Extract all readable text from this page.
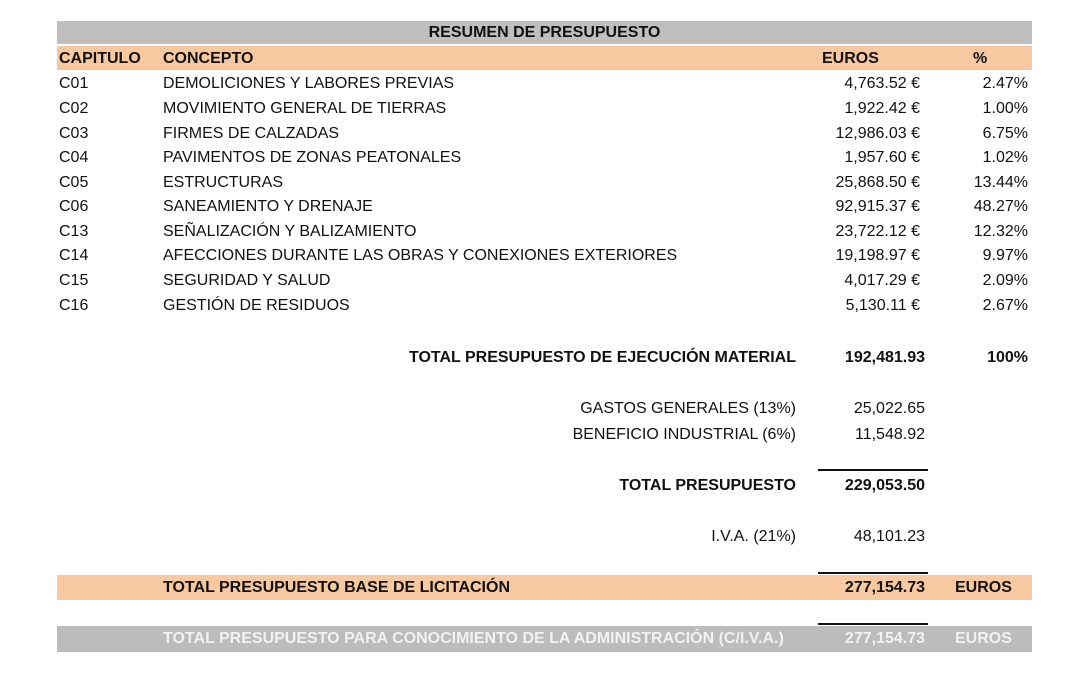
RESUMEN DE PRESUPUESTO
CAPITULO CONCEPTO	EUROS	%
C01	DEMOLICIONES Y LABORES PREVIAS	4,763.52 €	2.47%
C02	MOVIMIENTO GENERAL DE TIERRAS	1,922.42 €	1.00%
C03	FIRMES DE CALZADAS	12,986.03 €	6.75%
C04	PAVIMENTOS DE ZONAS PEATONALES	1,957.60 €	1.02%
C05	ESTRUCTURAS	25,868.50 €	13.44%
C06	SANEAMIENTO Y DRENAJE	92,915.37 €	48.27%
C13	SEÑALIZACIÓN Y BALIZAMIENTO	23,722.12 €	12.32%
C14	AFECCIONES DURANTE LAS OBRAS Y CONEXIONES EXTERIORES	19,198.97 €	9.97%
C15	SEGURIDAD Y SALUD	4,017.29 €	2.09%
C16	GESTIÓN DE RESIDUOS	5,130.11 €	2.67%
TOTAL PRESUPUESTO DE EJECUCIÓN MATERIAL	192,481.93	100%
GASTOS GENERALES (13%)	25,022.65
BENEFICIO INDUSTRIAL (6%)	11,548.92
TOTAL PRESUPUESTO	229,053.50
I.V.A. (21%)	48,101.23
TOTAL PRESUPUESTO BASE DE LICITACIÓN	277,154.73 EUROS
TOTAL PRESUPUESTO PARA CONOCIMIENTO DE LA ADMINISTRACIÓN (C/I.V.A.)	277,154.73 EUROS
